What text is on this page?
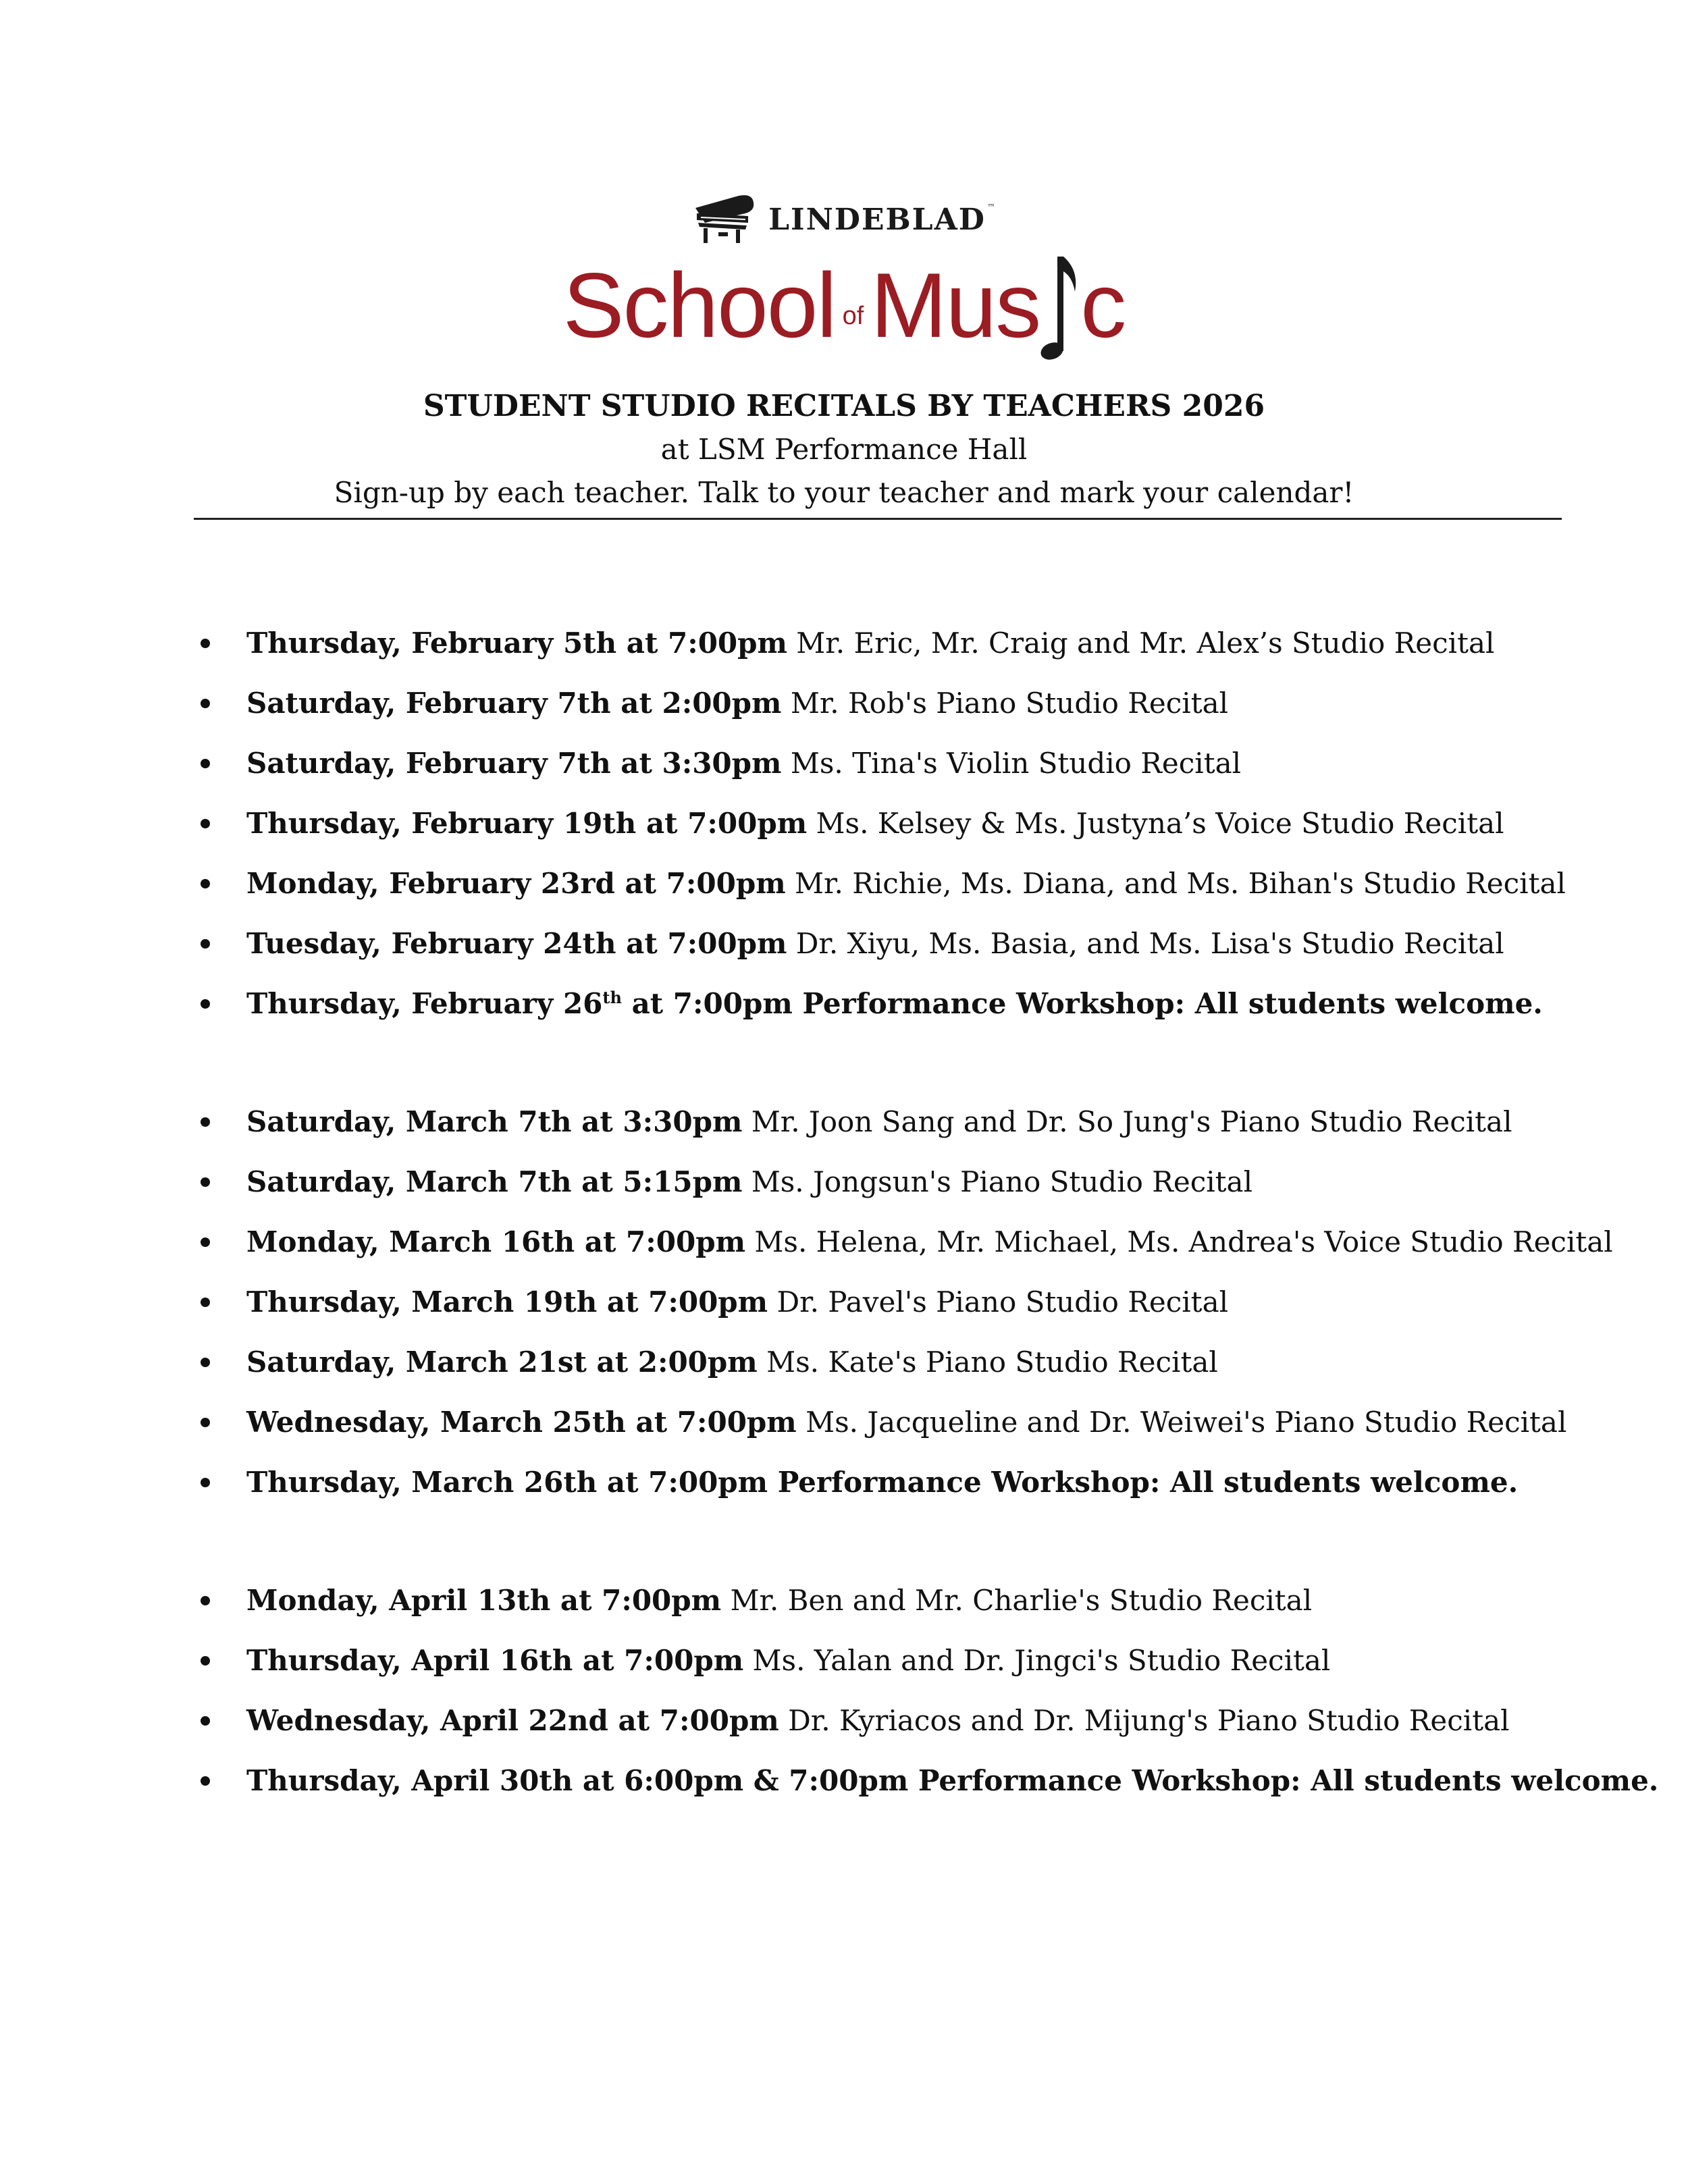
LINDEBLAD ™
School of Mus c

STUDENT STUDIO RECITALS BY TEACHERS 2026

at LSM Performance Hall

Sign-up by each teacher. Talk to your teacher and mark your calendar!

Thursday, February 5th at 7:00pm Mr. Eric, Mr. Craig and Mr. Alex’s Studio Recital
Saturday, February 7th at 2:00pm Mr. Rob's Piano Studio Recital
Saturday, February 7th at 3:30pm Ms. Tina's Violin Studio Recital
Thursday, February 19th at 7:00pm Ms. Kelsey & Ms. Justyna’s Voice Studio Recital
Monday, February 23rd at 7:00pm Mr. Richie, Ms. Diana, and Ms. Bihan's Studio Recital
Tuesday, February 24th at 7:00pm Dr. Xiyu, Ms. Basia, and Ms. Lisa's Studio Recital
Thursday, February 26th at 7:00pm Performance Workshop: All students welcome.
Saturday, March 7th at 3:30pm Mr. Joon Sang and Dr. So Jung's Piano Studio Recital
Saturday, March 7th at 5:15pm Ms. Jongsun's Piano Studio Recital
Monday, March 16th at 7:00pm Ms. Helena, Mr. Michael, Ms. Andrea's Voice Studio Recital
Thursday, March 19th at 7:00pm Dr. Pavel's Piano Studio Recital
Saturday, March 21st at 2:00pm Ms. Kate's Piano Studio Recital
Wednesday, March 25th at 7:00pm Ms. Jacqueline and Dr. Weiwei's Piano Studio Recital
Thursday, March 26th at 7:00pm Performance Workshop: All students welcome.
Monday, April 13th at 7:00pm Mr. Ben and Mr. Charlie's Studio Recital
Thursday, April 16th at 7:00pm Ms. Yalan and Dr. Jingci's Studio Recital
Wednesday, April 22nd at 7:00pm Dr. Kyriacos and Dr. Mijung's Piano Studio Recital
Thursday, April 30th at 6:00pm & 7:00pm Performance Workshop: All students welcome.
